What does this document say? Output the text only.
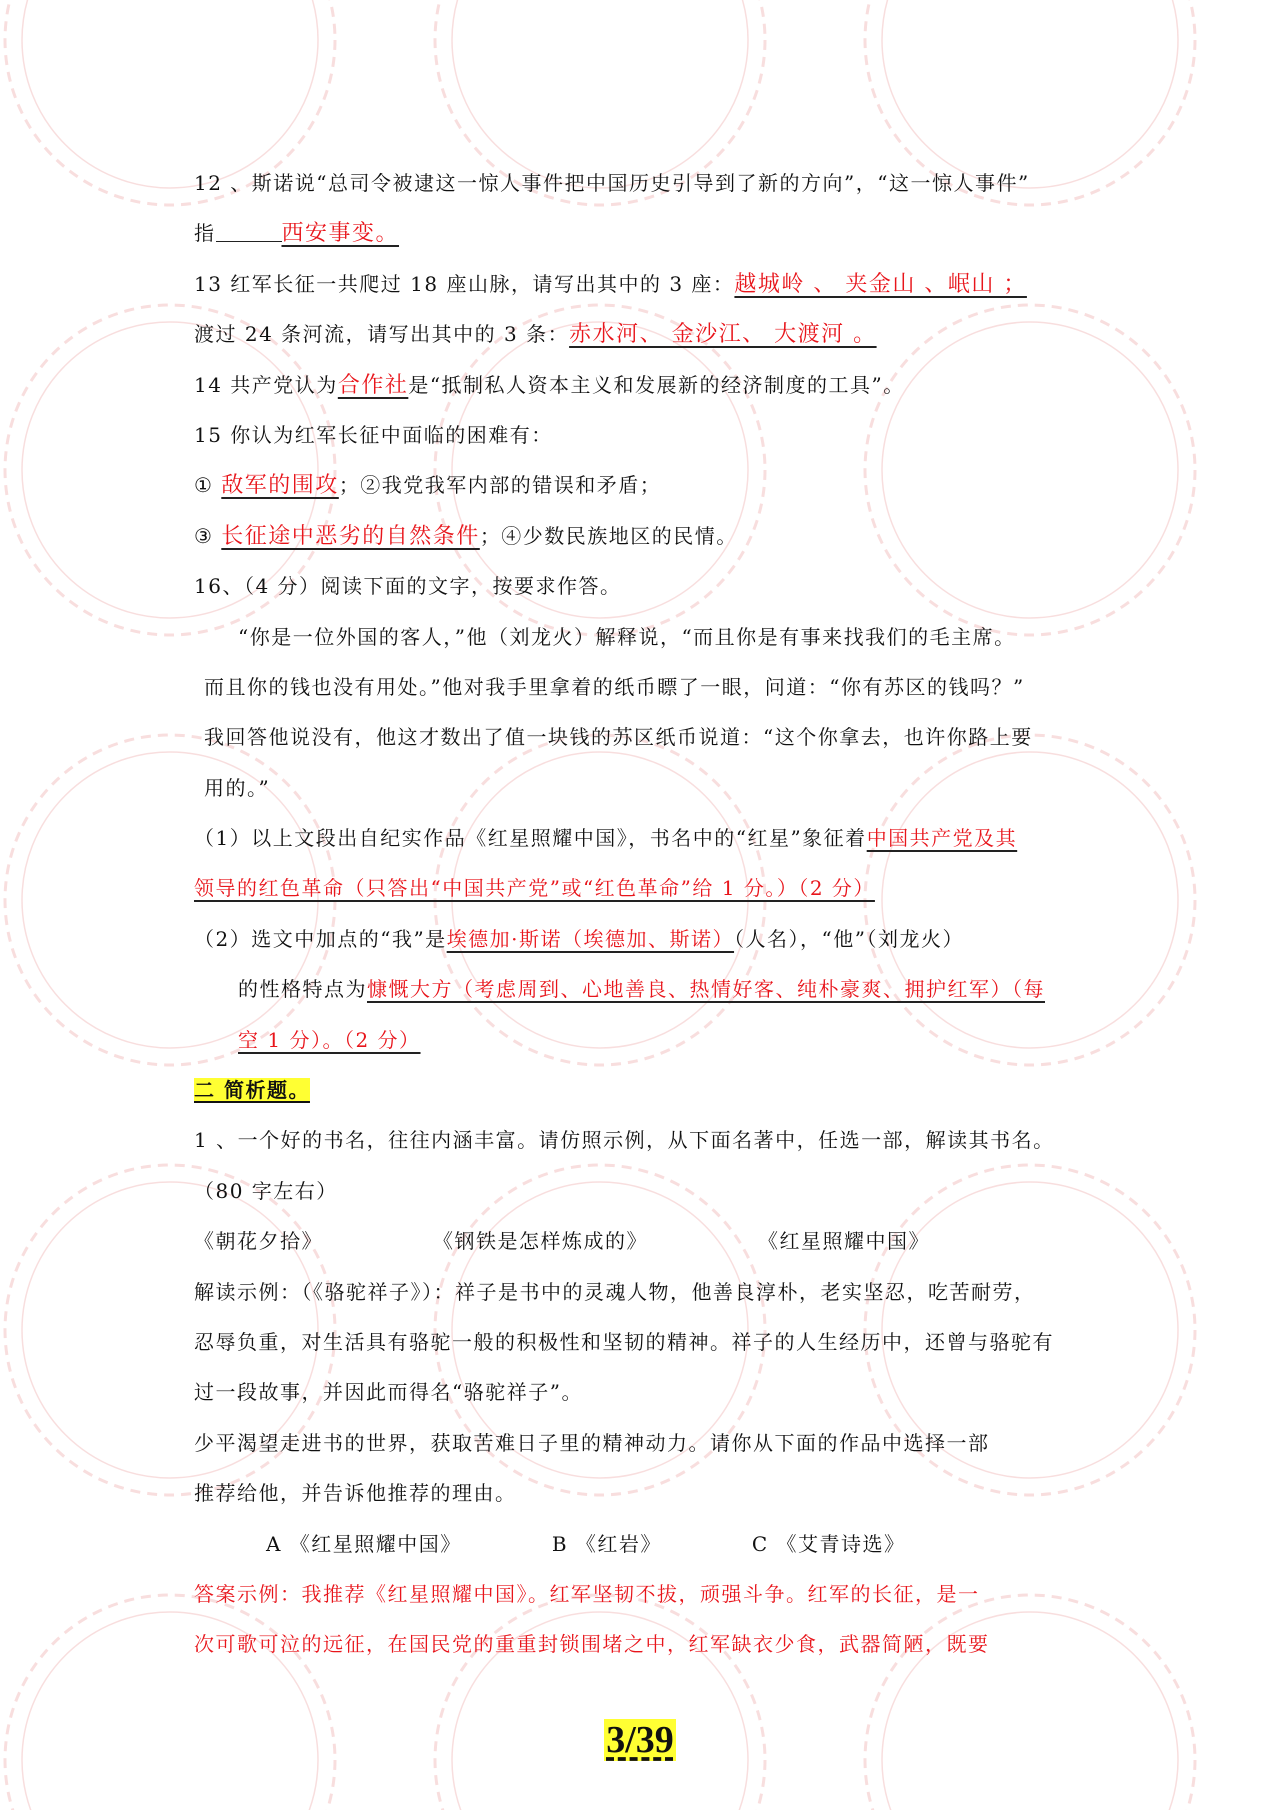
12 、斯诺说“总司令被逮这一惊人事件把中国历史引导到了新的方向”，“这一惊人事件”
指	西安事变。
13 红军长征一共爬过 18 座山脉，请写出其中的 3 座：越城岭 、 夹金山 、岷山 ；
渡过 24 条河流，请写出其中的 3 条：赤水河、 金沙江、 大渡河 。
14 共产党认为合作社是“抵制私人资本主义和发展新的经济制度的工具”。
15 你认为红军长征中面临的困难有：
① 敌军的围攻；②我党我军内部的错误和矛盾；
③ 长征途中恶劣的自然条件；④少数民族地区的民情。
16、（4 分）阅读下面的文字，按要求作答。
“你是一位外国的客人，”他（刘龙火）解释说，“而且你是有事来找我们的毛主席。
而且你的钱也没有用处。”他对我手里拿着的纸币瞟了一眼，问道：“你有苏区的钱吗？”
我回答他说没有，他这才数出了值一块钱的苏区纸币说道：“这个你拿去，也许你路上要
用的。”
（1）以上文段出自纪实作品《红星照耀中国》，书名中的“红星”象征着中国共产党及其
领导的红色革命（只答出“中国共产党”或“红色革命”给 1 分。）（2 分）
（2）选文中加点的“我”是埃德加·斯诺（埃德加、斯诺）（人名），“他”（刘龙火）
的性格特点为慷慨大方（考虑周到、心地善良、热情好客、纯朴豪爽、拥护红军）（每
空 1 分）。（2 分）
二 简析题。
1 、一个好的书名，往往内涵丰富。请仿照示例，从下面名著中，任选一部，解读其书名。
（80 字左右）
《朝花夕拾》	《钢铁是怎样炼成的》	《红星照耀中国》
解读示例：（《骆驼祥子》）：祥子是书中的灵魂人物，他善良淳朴，老实坚忍，吃苦耐劳，
忍辱负重，对生活具有骆驼一般的积极性和坚韧的精神。祥子的人生经历中，还曾与骆驼有
过一段故事，并因此而得名“骆驼祥子”。
少平渴望走进书的世界，获取苦难日子里的精神动力。请你从下面的作品中选择一部
推荐给他，并告诉他推荐的理由。
A 《红星照耀中国》	B 《红岩》	C 《艾青诗选》
答案示例：我推荐《红星照耀中国》。红军坚韧不拔，顽强斗争。红军的长征，是一
次可歌可泣的远征，在国民党的重重封锁围堵之中，红军缺衣少食，武器简陋，既要
3/39
